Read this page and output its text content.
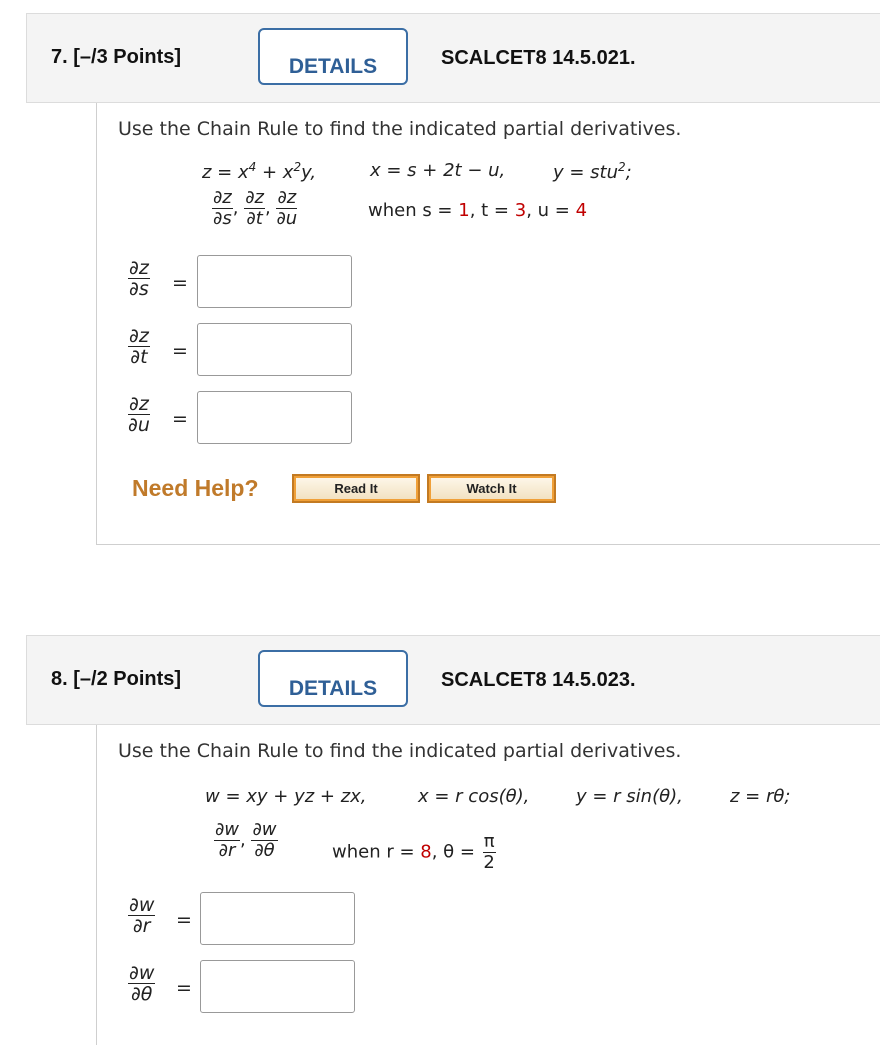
7. [–/3 Points]	DETAILS	SCALCET8 14.5.021.
Use the Chain Rule to find the indicated partial derivatives.
$z = x^4 + x^2y$,	x = s + 2t − u,	y = stu$^2$;
$\frac{\partial z}{\partial s}$ , $\frac{\partial z}{\partial t}$ , $\frac{\partial z}{\partial u}$	when s = 1, t = 3, u = 4
$\frac{\partial z}{\partial s}$ =
$\frac{\partial z}{\partial t}$ =
$\frac{\partial z}{\partial u}$ =
Need Help?	Read It	Watch It
8. [–/2 Points]	DETAILS	SCALCET8 14.5.023.
Use the Chain Rule to find the indicated partial derivatives.
w = xy + yz + zx,	x = r cos(θ),	y = r sin(θ),	z = rθ;
$\frac{\partial w}{\partial r}$ , $\frac{\partial w}{\partial\theta}$	when r = 8, $\theta = \frac{\pi}{2}$
$\frac{\partial w}{\partial r}$ =
$\frac{\partial w}{\partial\theta}$ =
